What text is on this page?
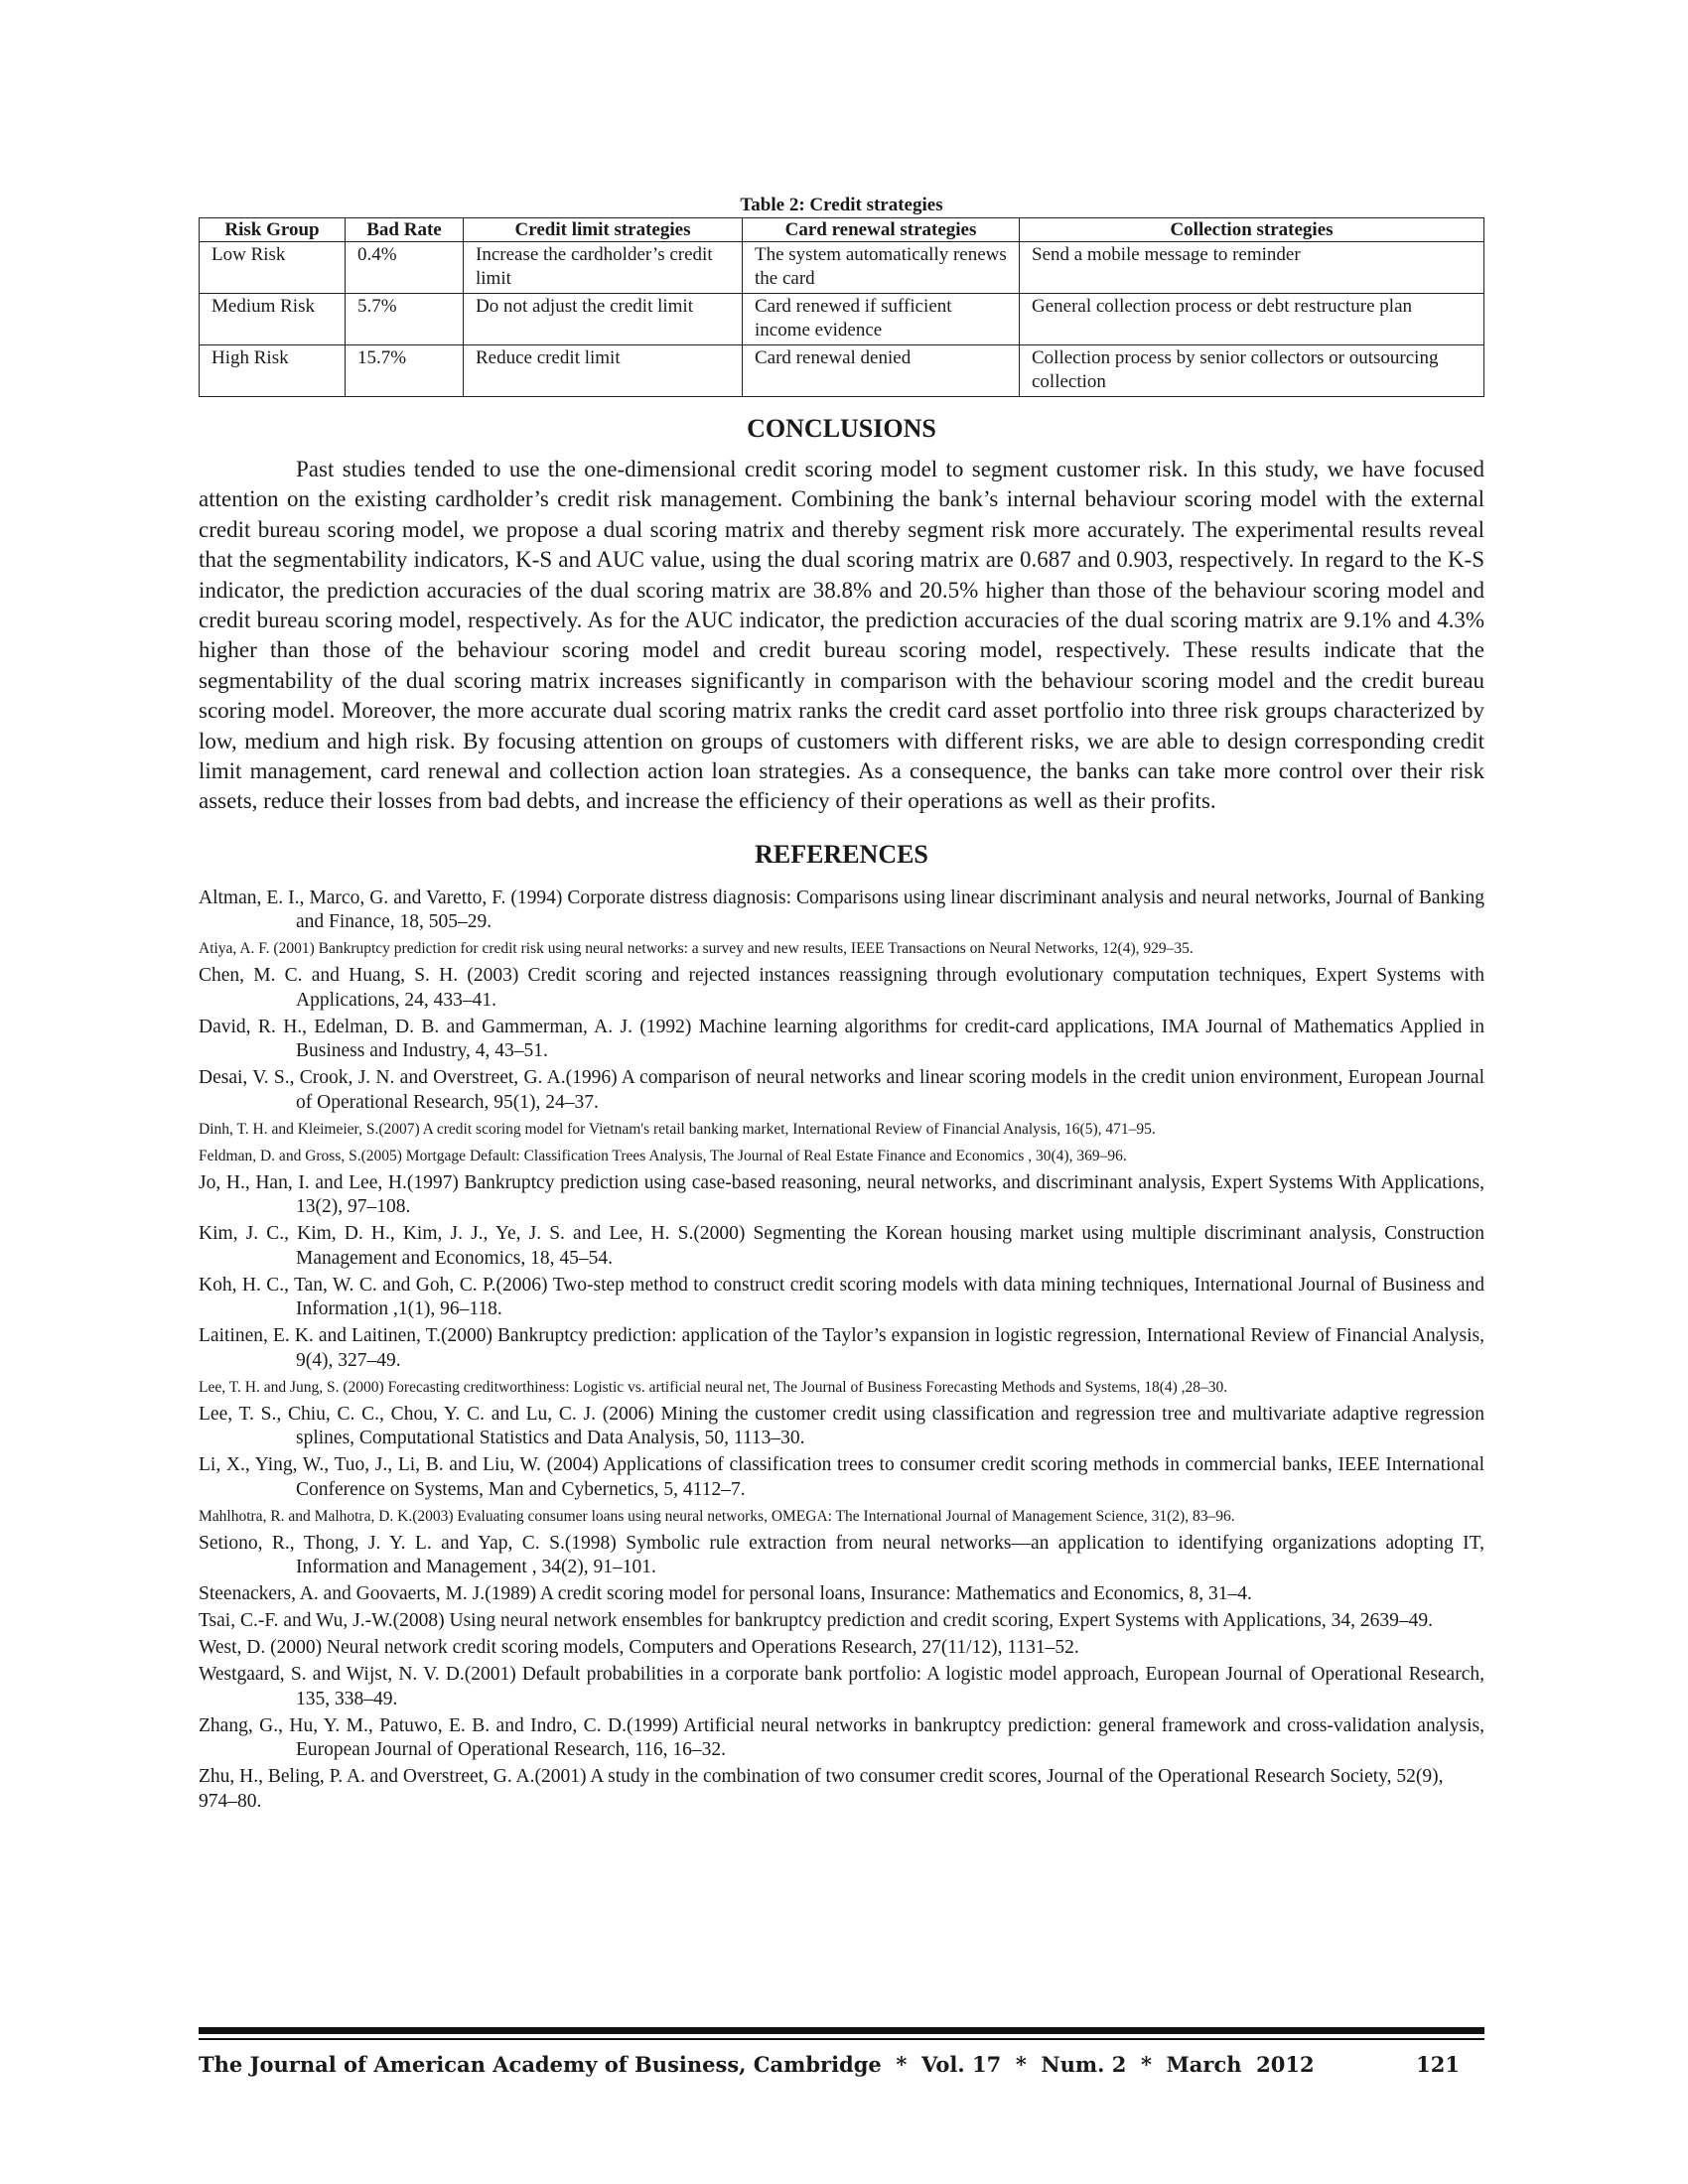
Table 2: Credit strategies
Risk Group	Bad Rate	Credit limit strategies	Card renewal strategies	Collection strategies
Low Risk	0.4%	Increase the cardholder’s credit limit	The system automatically renews the card	Send a mobile message to reminder
Medium Risk	5.7%	Do not adjust the credit limit	Card renewed if sufficient income evidence	General collection process or debt restructure plan
High Risk	15.7%	Reduce credit limit	Card renewal denied	Collection process by senior collectors or outsourcing collection
CONCLUSIONS

Past studies tended to use the one-dimensional credit scoring model to segment customer risk. In this study, we have focused attention on the existing cardholder’s credit risk management. Combining the bank’s internal behaviour scoring model with the external credit bureau scoring model, we propose a dual scoring matrix and thereby segment risk more accurately. The experimental results reveal that the segmentability indicators, K-S and AUC value, using the dual scoring matrix are 0.687 and 0.903, respectively. In regard to the K-S indicator, the prediction accuracies of the dual scoring matrix are 38.8% and 20.5% higher than those of the behaviour scoring model and credit bureau scoring model, respectively. As for the AUC indicator, the prediction accuracies of the dual scoring matrix are 9.1% and 4.3% higher than those of the behaviour scoring model and credit bureau scoring model, respectively. These results indicate that the segmentability of the dual scoring matrix increases significantly in comparison with the behaviour scoring model and the credit bureau scoring model. Moreover, the more accurate dual scoring matrix ranks the credit card asset portfolio into three risk groups characterized by low, medium and high risk. By focusing attention on groups of customers with different risks, we are able to design corresponding credit limit management, card renewal and collection action loan strategies. As a consequence, the banks can take more control over their risk assets, reduce their losses from bad debts, and increase the efficiency of their operations as well as their profits.

REFERENCES

Altman, E. I., Marco, G. and Varetto, F. (1994) Corporate distress diagnosis: Comparisons using linear discriminant analysis and neural networks, Journal of Banking and Finance, 18, 505–29.

Atiya, A. F. (2001) Bankruptcy prediction for credit risk using neural networks: a survey and new results, IEEE Transactions on Neural Networks, 12(4), 929–35.

Chen, M. C. and Huang, S. H. (2003) Credit scoring and rejected instances reassigning through evolutionary computation techniques, Expert Systems with Applications, 24, 433–41.

David, R. H., Edelman, D. B. and Gammerman, A. J. (1992) Machine learning algorithms for credit-card applications, IMA Journal of Mathematics Applied in Business and Industry, 4, 43–51.

Desai, V. S., Crook, J. N. and Overstreet, G. A.(1996) A comparison of neural networks and linear scoring models in the credit union environment, European Journal of Operational Research, 95(1), 24–37.

Dinh, T. H. and Kleimeier, S.(2007) A credit scoring model for Vietnam's retail banking market, International Review of Financial Analysis, 16(5), 471–95.

Feldman, D. and Gross, S.(2005) Mortgage Default: Classification Trees Analysis, The Journal of Real Estate Finance and Economics , 30(4), 369–96.

Jo, H., Han, I. and Lee, H.(1997) Bankruptcy prediction using case-based reasoning, neural networks, and discriminant analysis, Expert Systems With Applications, 13(2), 97–108.

Kim, J. C., Kim, D. H., Kim, J. J., Ye, J. S. and Lee, H. S.(2000) Segmenting the Korean housing market using multiple discriminant analysis, Construction Management and Economics, 18, 45–54.

Koh, H. C., Tan, W. C. and Goh, C. P.(2006) Two-step method to construct credit scoring models with data mining techniques, International Journal of Business and Information ,1(1), 96–118.

Laitinen, E. K. and Laitinen, T.(2000) Bankruptcy prediction: application of the Taylor’s expansion in logistic regression, International Review of Financial Analysis, 9(4), 327–49.

Lee, T. H. and Jung, S. (2000) Forecasting creditworthiness: Logistic vs. artificial neural net, The Journal of Business Forecasting Methods and Systems, 18(4) ,28–30.

Lee, T. S., Chiu, C. C., Chou, Y. C. and Lu, C. J. (2006) Mining the customer credit using classification and regression tree and multivariate adaptive regression splines, Computational Statistics and Data Analysis, 50, 1113–30.

Li, X., Ying, W., Tuo, J., Li, B. and Liu, W. (2004) Applications of classification trees to consumer credit scoring methods in commercial banks, IEEE International Conference on Systems, Man and Cybernetics, 5, 4112–7.

Mahlhotra, R. and Malhotra, D. K.(2003) Evaluating consumer loans using neural networks, OMEGA: The International Journal of Management Science, 31(2), 83–96.

Setiono, R., Thong, J. Y. L. and Yap, C. S.(1998) Symbolic rule extraction from neural networks—an application to identifying organizations adopting IT, Information and Management , 34(2), 91–101.

Steenackers, A. and Goovaerts, M. J.(1989) A credit scoring model for personal loans, Insurance: Mathematics and Economics, 8, 31–4.

Tsai, C.-F. and Wu, J.-W.(2008) Using neural network ensembles for bankruptcy prediction and credit scoring, Expert Systems with Applications, 34, 2639–49.

West, D. (2000) Neural network credit scoring models, Computers and Operations Research, 27(11/12), 1131–52.

Westgaard, S. and Wijst, N. V. D.(2001) Default probabilities in a corporate bank portfolio: A logistic model approach, European Journal of Operational Research, 135, 338–49.

Zhang, G., Hu, Y. M., Patuwo, E. B. and Indro, C. D.(1999) Artificial neural networks in bankruptcy prediction: general framework and cross-validation analysis, European Journal of Operational Research, 116, 16–32.

Zhu, H., Beling, P. A. and Overstreet, G. A.(2001) A study in the combination of two consumer credit scores, Journal of the Operational Research Society, 52(9), 974–80.

The Journal of American Academy of Business, Cambridge  *  Vol. 17  *  Num. 2  *  March  2012	121
